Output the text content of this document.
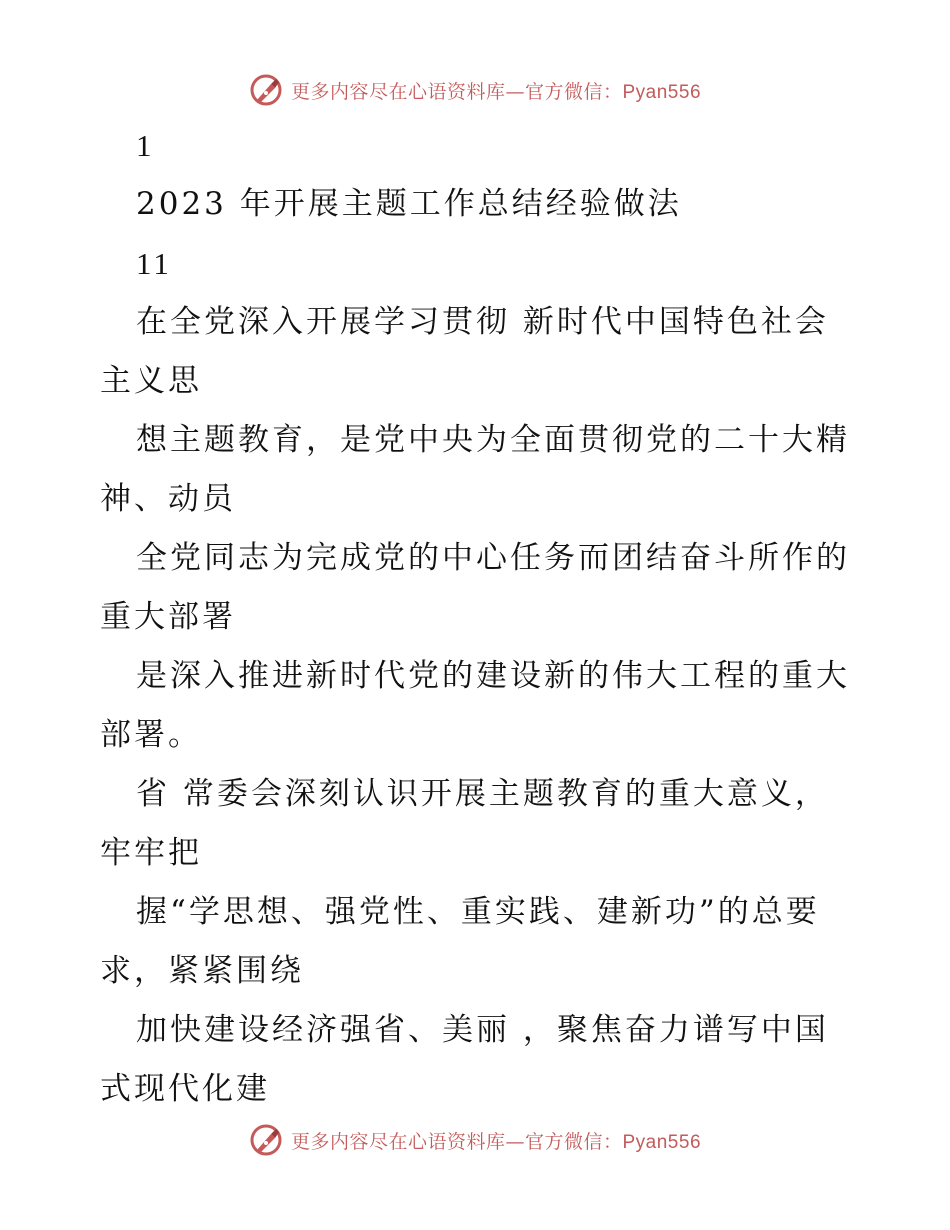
更多内容尽在心语资料库—官方微信：Pyan556
1
2023 年开展主题工作总结经验做法
11
在全党深入开展学习贯彻 新时代中国特色社会
主义思
想主题教育，是党中央为全面贯彻党的二十大精
神、动员
全党同志为完成党的中心任务而团结奋斗所作的
重大部署
是深入推进新时代党的建设新的伟大工程的重大
部署。
省 常委会深刻认识开展主题教育的重大意义，
牢牢把
握“学思想、强党性、重实践、建新功”的总要
求，紧紧围绕
加快建设经济强省、美丽 ，聚焦奋力谱写中国
式现代化建
更多内容尽在心语资料库—官方微信：Pyan556
